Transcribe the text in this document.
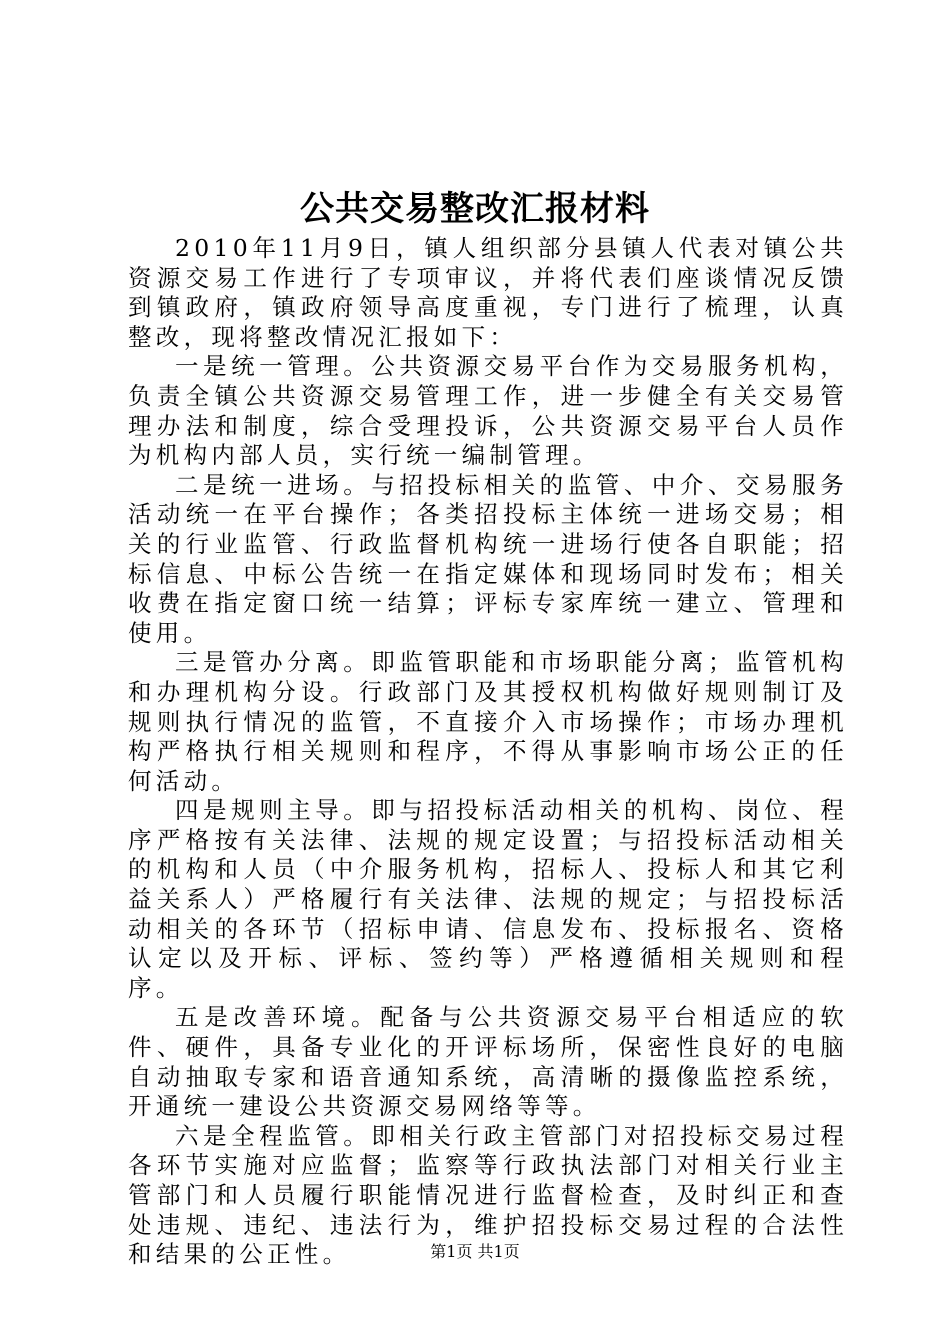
公共交易整改汇报材料

2010年11月9日，镇人组织部分县镇人代表对镇公共资源交易工作进行了专项审议，并将代表们座谈情况反馈到镇政府，镇政府领导高度重视，专门进行了梳理，认真整改，现将整改情况汇报如下：

一是统一管理。公共资源交易平台作为交易服务机构，负责全镇公共资源交易管理工作，进一步健全有关交易管理办法和制度，综合受理投诉，公共资源交易平台人员作为机构内部人员，实行统一编制管理。

二是统一进场。与招投标相关的监管、中介、交易服务活动统一在平台操作；各类招投标主体统一进场交易；相关的行业监管、行政监督机构统一进场行使各自职能；招标信息、中标公告统一在指定媒体和现场同时发布；相关收费在指定窗口统一结算；评标专家库统一建立、管理和使用。

三是管办分离。即监管职能和市场职能分离；监管机构和办理机构分设。行政部门及其授权机构做好规则制订及规则执行情况的监管，不直接介入市场操作；市场办理机构严格执行相关规则和程序，不得从事影响市场公正的任何活动。

四是规则主导。即与招投标活动相关的机构、岗位、程序严格按有关法律、法规的规定设置；与招投标活动相关的机构和人员（中介服务机构，招标人、投标人和其它利益关系人）严格履行有关法律、法规的规定；与招投标活动相关的各环节（招标申请、信息发布、投标报名、资格认定以及开标、评标、签约等）严格遵循相关规则和程序。

五是改善环境。配备与公共资源交易平台相适应的软件、硬件，具备专业化的开评标场所，保密性良好的电脑自动抽取专家和语音通知系统，高清晰的摄像监控系统，开通统一建设公共资源交易网络等等。

六是全程监管。即相关行政主管部门对招投标交易过程各环节实施对应监督；监察等行政执法部门对相关行业主管部门和人员履行职能情况进行监督检查，及时纠正和查处违规、违纪、违法行为，维护招投标交易过程的合法性和结果的公正性。	第1页 共1页
